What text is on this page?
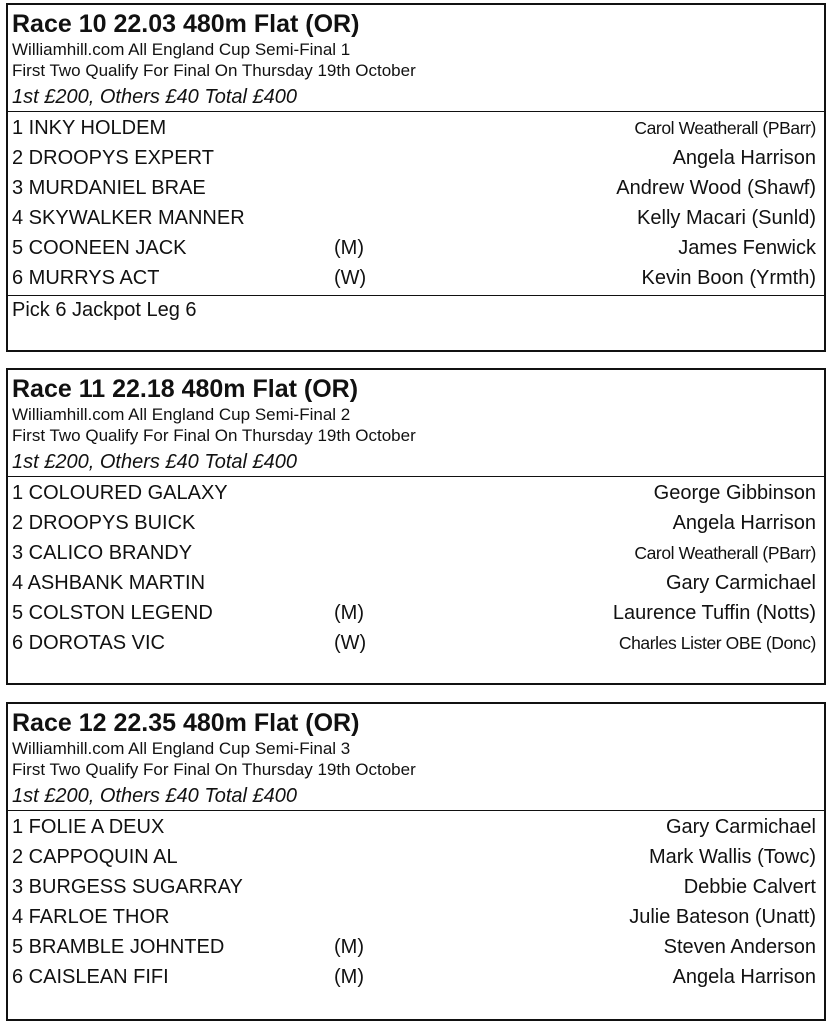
Race 10 22.03 480m Flat (OR)
Williamhill.com All England Cup Semi-Final 1
First Two Qualify For Final On Thursday 19th October
1st £200, Others £40 Total £400
1 INKY HOLDEM	Carol Weatherall (PBarr)
2 DROOPYS EXPERT	Angela Harrison
3 MURDANIEL BRAE	Andrew Wood (Shawf)
4 SKYWALKER MANNER	Kelly Macari (Sunld)
5 COONEEN JACK	(M)	James Fenwick
6 MURRYS ACT	(W)	Kevin Boon (Yrmth)
Pick 6 Jackpot Leg 6
Race 11 22.18 480m Flat (OR)
Williamhill.com All England Cup Semi-Final 2
First Two Qualify For Final On Thursday 19th October
1st £200, Others £40 Total £400
1 COLOURED GALAXY	George Gibbinson
2 DROOPYS BUICK	Angela Harrison
3 CALICO BRANDY	Carol Weatherall (PBarr)
4 ASHBANK MARTIN	Gary Carmichael
5 COLSTON LEGEND	(M)	Laurence Tuffin (Notts)
6 DOROTAS VIC	(W)	Charles Lister OBE (Donc)
Race 12 22.35 480m Flat (OR)
Williamhill.com All England Cup Semi-Final 3
First Two Qualify For Final On Thursday 19th October
1st £200, Others £40 Total £400
1 FOLIE A DEUX	Gary Carmichael
2 CAPPOQUIN AL	Mark Wallis (Towc)
3 BURGESS SUGARRAY	Debbie Calvert
4 FARLOE THOR	Julie Bateson (Unatt)
5 BRAMBLE JOHNTED	(M)	Steven Anderson
6 CAISLEAN FIFI	(M)	Angela Harrison
